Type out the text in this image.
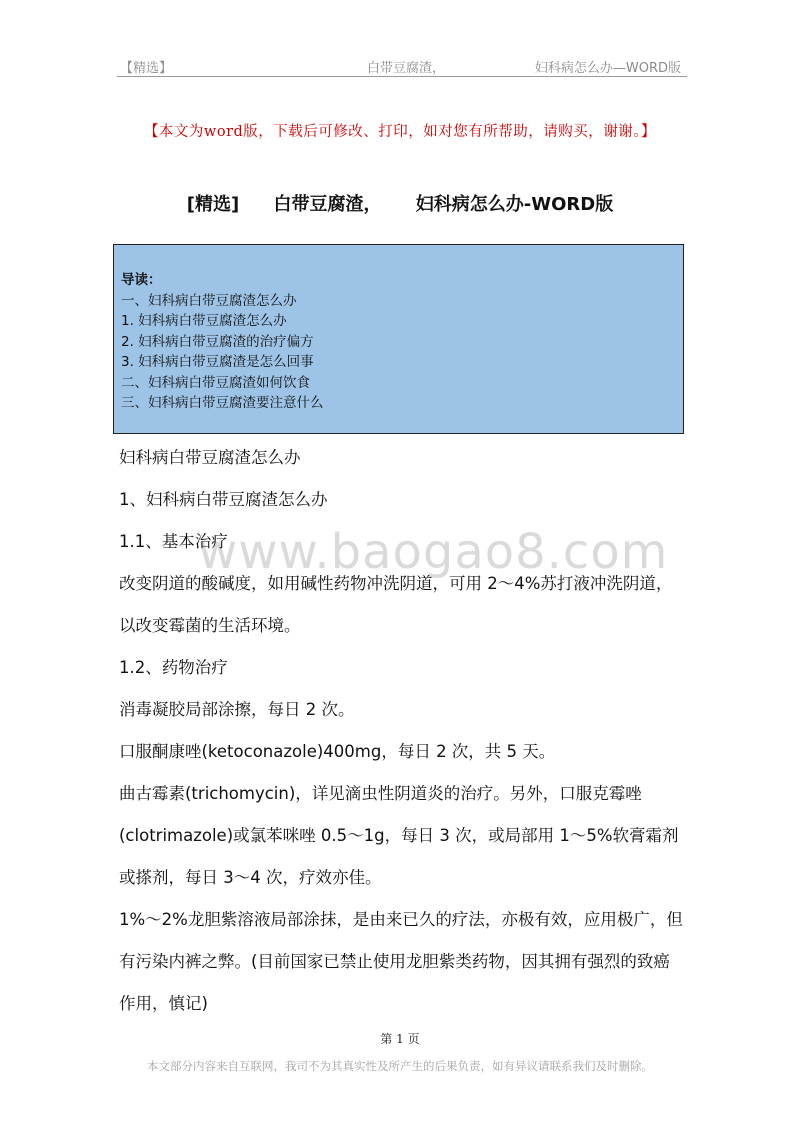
【精选】	白带豆腐渣，	妇科病怎么办—WORD版
【本文为word版，下载后可修改、打印，如对您有所帮助，请购买，谢谢。】
[精选] 白带豆腐渣， 妇科病怎么办-WORD版
导读：
一、妇科病白带豆腐渣怎么办
1. 妇科病白带豆腐渣怎么办
2. 妇科病白带豆腐渣的治疗偏方
3. 妇科病白带豆腐渣是怎么回事
二、妇科病白带豆腐渣如何饮食
三、妇科病白带豆腐渣要注意什么
www.baogao8.com

妇科病白带豆腐渣怎么办

1、妇科病白带豆腐渣怎么办

1.1、基本治疗

改变阴道的酸碱度，如用碱性药物冲洗阴道，可用 2～4%苏打液冲洗阴道，以改变霉菌的生活环境。

1.2、药物治疗

消毒凝胶局部涂擦，每日 2 次。

口服酮康唑(ketoconazole)400mg，每日 2 次，共 5 天。

曲古霉素(trichomycin)，详见滴虫性阴道炎的治疗。另外，口服克霉唑(clotrimazole)或氯苯咪唑 0.5～1g，每日 3 次，或局部用 1～5%软膏霜剂或搽剂，每日 3～4 次，疗效亦佳。

1%～2%龙胆紫溶液局部涂抹，是由来已久的疗法，亦极有效，应用极广，但有污染内裤之弊。(目前国家已禁止使用龙胆紫类药物，因其拥有强烈的致癌作用，慎记)

第 1 页
本文部分内容来自互联网，我司不为其真实性及所产生的后果负责，如有异议请联系我们及时删除。
